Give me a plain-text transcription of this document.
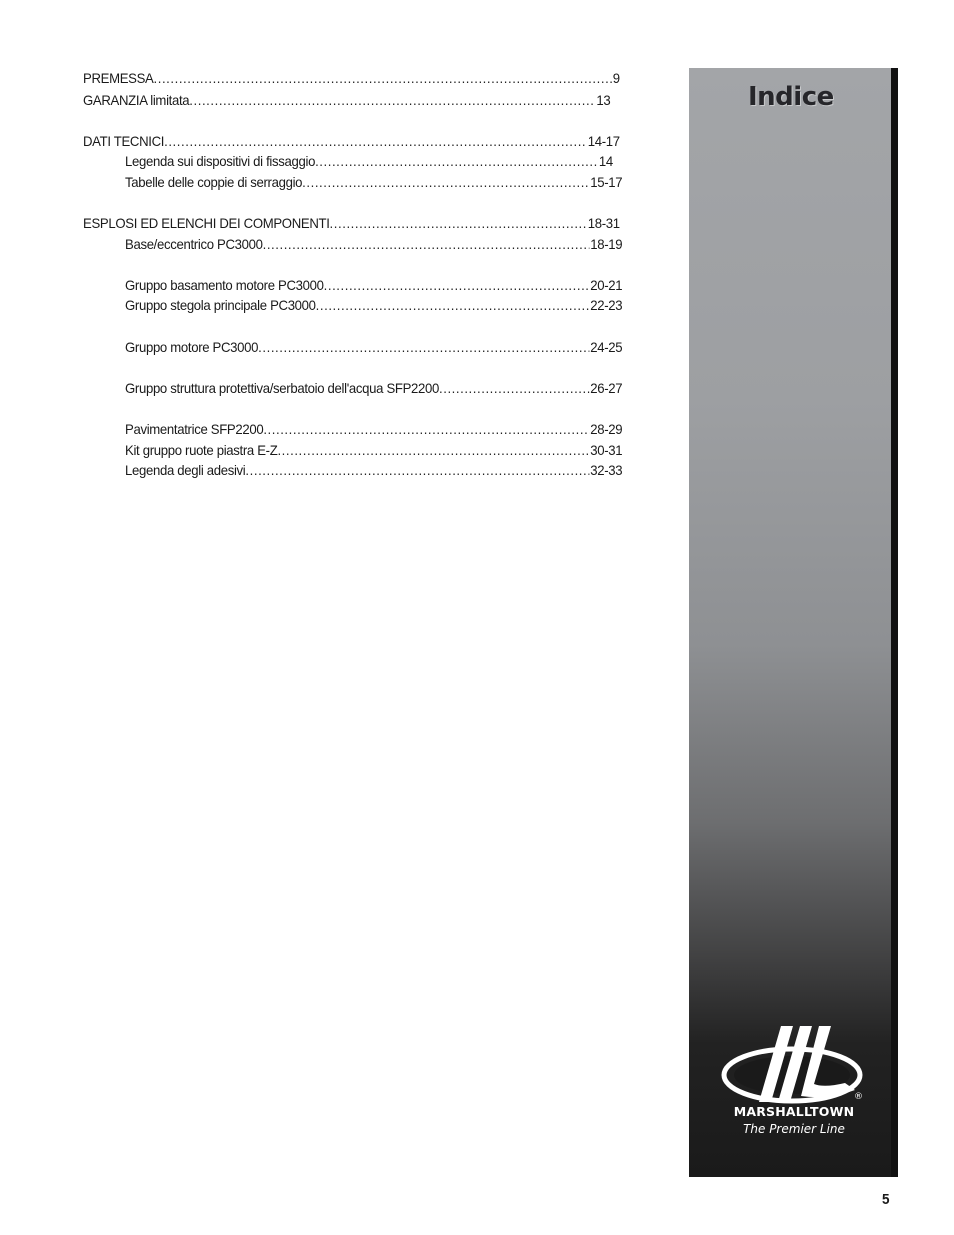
PREMESSA .....	9
GARANZIA limitata .....	13
DATI TECNICI .....	14-17
Legenda sui dispositivi di fissaggio .....	14
Tabelle delle coppie di serraggio .....	15-17
ESPLOSI ED ELENCHI DEI COMPONENTI .....	18-31
Base/eccentrico PC3000 .....	18-19
Gruppo basamento motore PC3000 .....	20-21
Gruppo stegola principale PC3000 .....	22-23
Gruppo motore PC3000 .....	24-25
Gruppo struttura protettiva/serbatoio dell'acqua SFP2200 .....	26-27
Pavimentatrice SFP2200 .....	28-29
Kit gruppo ruote piastra E-Z .....	30-31
Legenda degli adesivi .....	32-33
Indice
®
MARSHALLTOWN
The Premier Line
5
